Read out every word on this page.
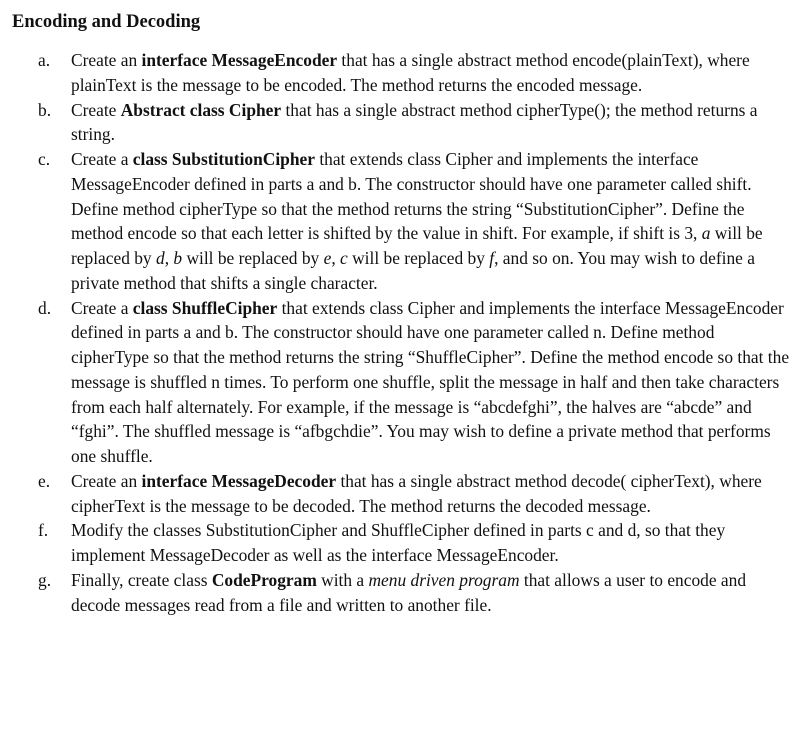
Encoding and Decoding
a.	Create an interface MessageEncoder that has a single abstract method encode(plainText), where plainText is the message to be encoded. The method returns the encoded message.
b.	Create Abstract class Cipher that has a single abstract method cipherType(); the method returns a string.
c.	Create a class SubstitutionCipher that extends class Cipher and implements the interface MessageEncoder defined in parts a and b. The constructor should have one parameter called shift. Define method cipherType so that the method returns the string “SubstitutionCipher”. Define the method encode so that each letter is shifted by the value in shift. For example, if shift is 3, a will be replaced by d, b will be replaced by e, c will be replaced by f, and so on. You may wish to define a private method that shifts a single character.
d.	Create a class ShuffleCipher that extends class Cipher and implements the interface MessageEncoder defined in parts a and b. The constructor should have one parameter called n. Define method cipherType so that the method returns the string “ShuffleCipher”. Define the method encode so that the message is shuffled n times. To perform one shuffle, split the message in half and then take characters from each half alternately. For example, if the message is “abcdefghi”, the halves are “abcde” and “fghi”. The shuffled message is “afbgchdie”. You may wish to define a private method that performs one shuffle.
e.	Create an interface MessageDecoder that has a single abstract method decode( cipherText), where cipherText is the message to be decoded. The method returns the decoded message.
f.	Modify the classes SubstitutionCipher and ShuffleCipher defined in parts c and d, so that they implement MessageDecoder as well as the interface MessageEncoder.
g.	Finally, create class CodeProgram with a menu driven program that allows a user to encode and decode messages read from a file and written to another file.
